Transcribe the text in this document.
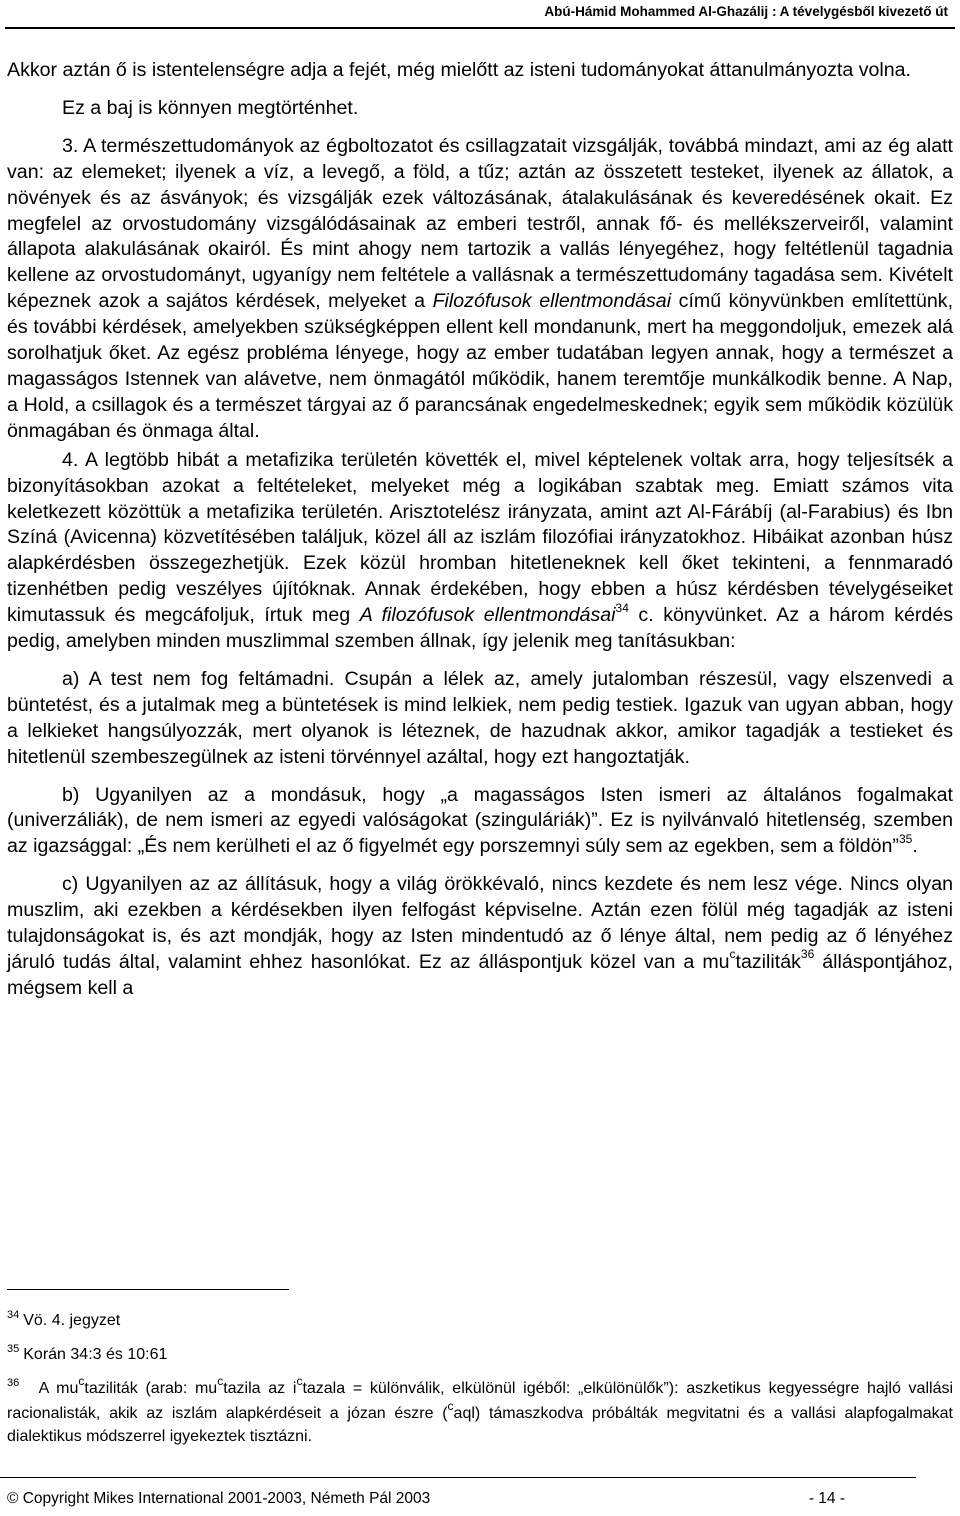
Abú-Hámid Mohammed Al-Ghazálij : A tévelygésből kivezető út

Akkor aztán ő is istentelenségre adja a fejét, még mielőtt az isteni tudományokat áttanulmányozta volna.

Ez a baj is könnyen megtörténhet.

3. A természettudományok az égboltozatot és csillagzatait vizsgálják, továbbá mindazt, ami az ég alatt van: az elemeket; ilyenek a víz, a levegő, a föld, a tűz; aztán az összetett testeket, ilyenek az állatok, a növények és az ásványok; és vizsgálják ezek változásának, átalakulásának és keveredésének okait. Ez megfelel az orvostudomány vizsgálódásainak az emberi testről, annak fő- és mellékszerveiről, valamint állapota alakulásának okairól. És mint ahogy nem tartozik a vallás lényegéhez, hogy feltétlenül tagadnia kellene az orvostudományt, ugyanígy nem feltétele a vallásnak a természettudomány tagadása sem. Kivételt képeznek azok a sajátos kérdések, melyeket a Filozófusok ellentmondásai című könyvünkben említettünk, és további kérdések, amelyekben szükségképpen ellent kell mondanunk, mert ha meggondoljuk, emezek alá sorolhatjuk őket. Az egész probléma lényege, hogy az ember tudatában legyen annak, hogy a természet a magasságos Istennek van alávetve, nem önmagától működik, hanem teremtője munkálkodik benne. A Nap, a Hold, a csillagok és a természet tárgyai az ő parancsának engedelmeskednek; egyik sem működik közülük önmagában és önmaga által.

4. A legtöbb hibát a metafizika területén követték el, mivel képtelenek voltak arra, hogy teljesítsék a bizonyításokban azokat a feltételeket, melyeket még a logikában szabtak meg. Emiatt számos vita keletkezett közöttük a metafizika területén. Arisztotelész irányzata, amint azt Al-Fárábíj (al-Farabius) és Ibn Színá (Avicenna) közvetítésében találjuk, közel áll az iszlám filozófiai irányzatokhoz. Hibáikat azonban húsz alapkérdésben összegezhetjük. Ezek közül hromban hitetleneknek kell őket tekinteni, a fennmaradó tizenhétben pedig veszélyes újítóknak. Annak érdekében, hogy ebben a húsz kérdésben tévelygéseiket kimutassuk és megcáfoljuk, írtuk meg A filozófusok ellentmondásai$^{34}$ c. könyvünket. Az a három kérdés pedig, amelyben minden muszlimmal szemben állnak, így jelenik meg tanításukban:

a) A test nem fog feltámadni. Csupán a lélek az, amely jutalomban részesül, vagy elszenvedi a büntetést, és a jutalmak meg a büntetések is mind lelkiek, nem pedig testiek. Igazuk van ugyan abban, hogy a lelkieket hangsúlyozzák, mert olyanok is léteznek, de hazudnak akkor, amikor tagadják a testieket és hitetlenül szembeszegülnek az isteni törvénnyel azáltal, hogy ezt hangoztatják.

b) Ugyanilyen az a mondásuk, hogy „a magasságos Isten ismeri az általános fogalmakat (univerzáliák), de nem ismeri az egyedi valóságokat (szinguláriák)”. Ez is nyilvánvaló hitetlenség, szemben az igazsággal: „És nem kerülheti el az ő figyelmét egy porszemnyi súly sem az egekben, sem a földön”$^{35}$.

c) Ugyanilyen az az állításuk, hogy a világ örökkévaló, nincs kezdete és nem lesz vége. Nincs olyan muszlim, aki ezekben a kérdésekben ilyen felfogást képviselne. Aztán ezen fölül még tagadják az isteni tulajdonságokat is, és azt mondják, hogy az Isten mindentudó az ő lénye által, nem pedig az ő lényéhez járuló tudás által, valamint ehhez hasonlókat. Ez az álláspontjuk közel van a $mu^ctaziliták^{36}$ álláspontjához, mégsem kell a

$^{34}$ Vö. 4. jegyzet

$^{35}$ Korán 34:3 és 10:61

$^{36}$ A $mu^ctaziliták$ (arab: $mu^ctazila$ az $i^ctazala$ = különválik, elkülönül igéből: „elkülönülők”): aszketikus kegyességre hajló vallási racionalisták, akik az iszlám alapkérdéseit a józan észre ($^c$aql) támaszkodva próbálták megvitatni és a vallási alapfogalmakat dialektikus módszerrel igyekeztek tisztázni.

© Copyright Mikes International 2001-2003, Németh Pál 2003	- 14 -
